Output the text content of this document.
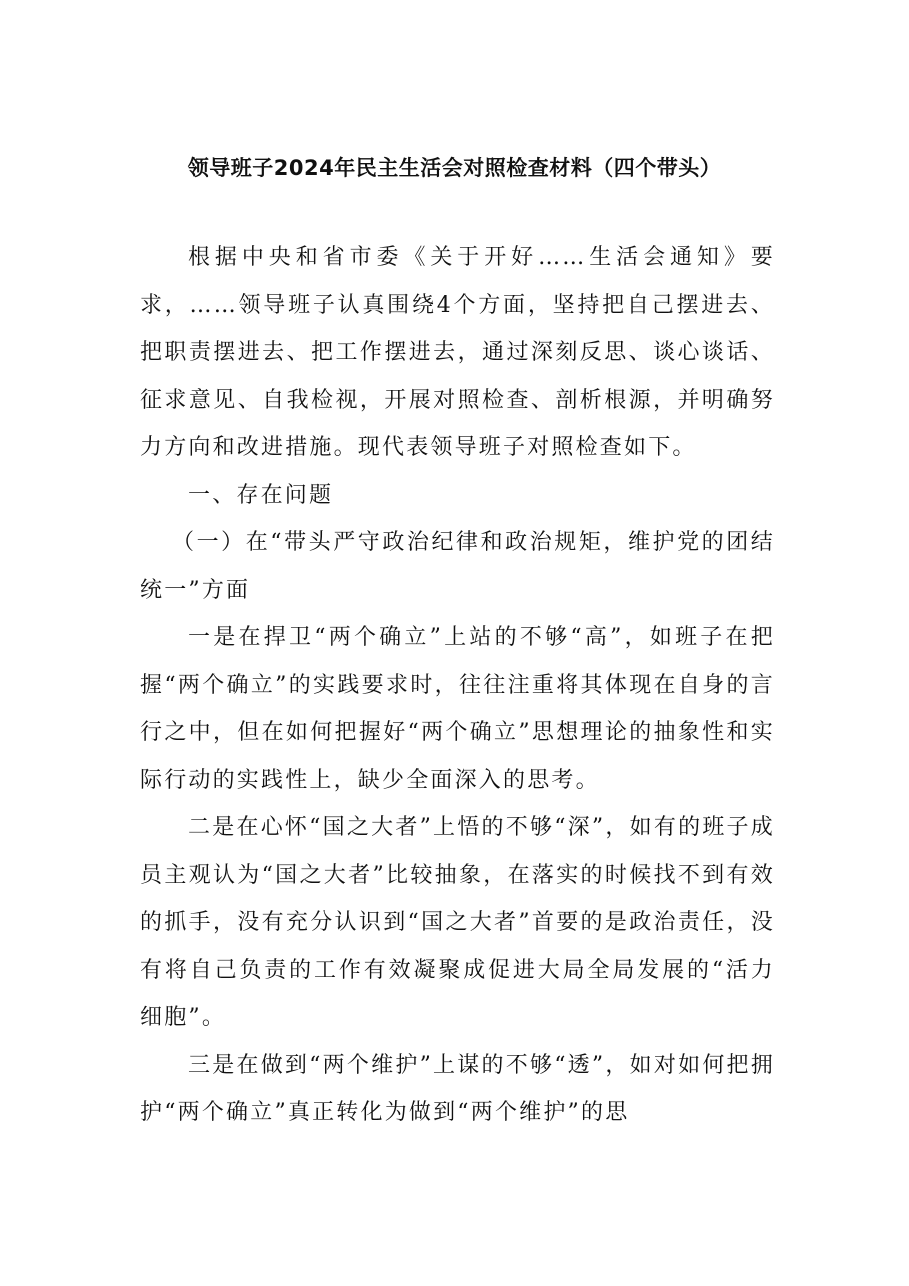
领导班子2024年民主生活会对照检查材料（四个带头）

根据中央和省市委《关于开好……生活会通知》要求，……领导班子认真围绕4个方面，坚持把自己摆进去、把职责摆进去、把工作摆进去，通过深刻反思、谈心谈话、征求意见、自我检视，开展对照检查、剖析根源，并明确努力方向和改进措施。现代表领导班子对照检查如下。

一、存在问题

（一）在“带头严守政治纪律和政治规矩，维护党的团结统一”方面

一是在捍卫“两个确立”上站的不够“高”，如班子在把握“两个确立”的实践要求时，往往注重将其体现在自身的言行之中，但在如何把握好“两个确立”思想理论的抽象性和实际行动的实践性上，缺少全面深入的思考。

二是在心怀“国之大者”上悟的不够“深”，如有的班子成员主观认为“国之大者”比较抽象，在落实的时候找不到有效的抓手，没有充分认识到“国之大者”首要的是政治责任，没有将自己负责的工作有效凝聚成促进大局全局发展的“活力细胞”。

三是在做到“两个维护”上谋的不够“透”，如对如何把拥护“两个确立”真正转化为做到“两个维护”的思
